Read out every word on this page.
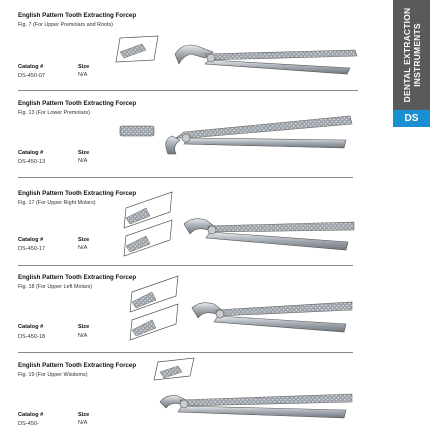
DENTAL EXTRACTION INSTRUMENTS
DS
English Pattern Tooth Extracting Forcep
Fig. 7 (For Upper Premolars and Roots)
Catalog #	Size
DS-450-07	N/A
English Pattern Tooth Extracting Forcep
Fig. 13 (For Lower Premolars)
Catalog #	Size
DS-450-13	N/A
English Pattern Tooth Extracting Forcep
Fig. 17 (For Upper Right Molars)
Catalog #	Size
DS-450-17	N/A
English Pattern Tooth Extracting Forcep
Fig. 18 (For Upper Left Molars)
Catalog #	Size
DS-450-18	N/A
English Pattern Tooth Extracting Forcep
Fig. 19 (For Upper Wisdoms)
Catalog #	Size
DS-450-	N/A
